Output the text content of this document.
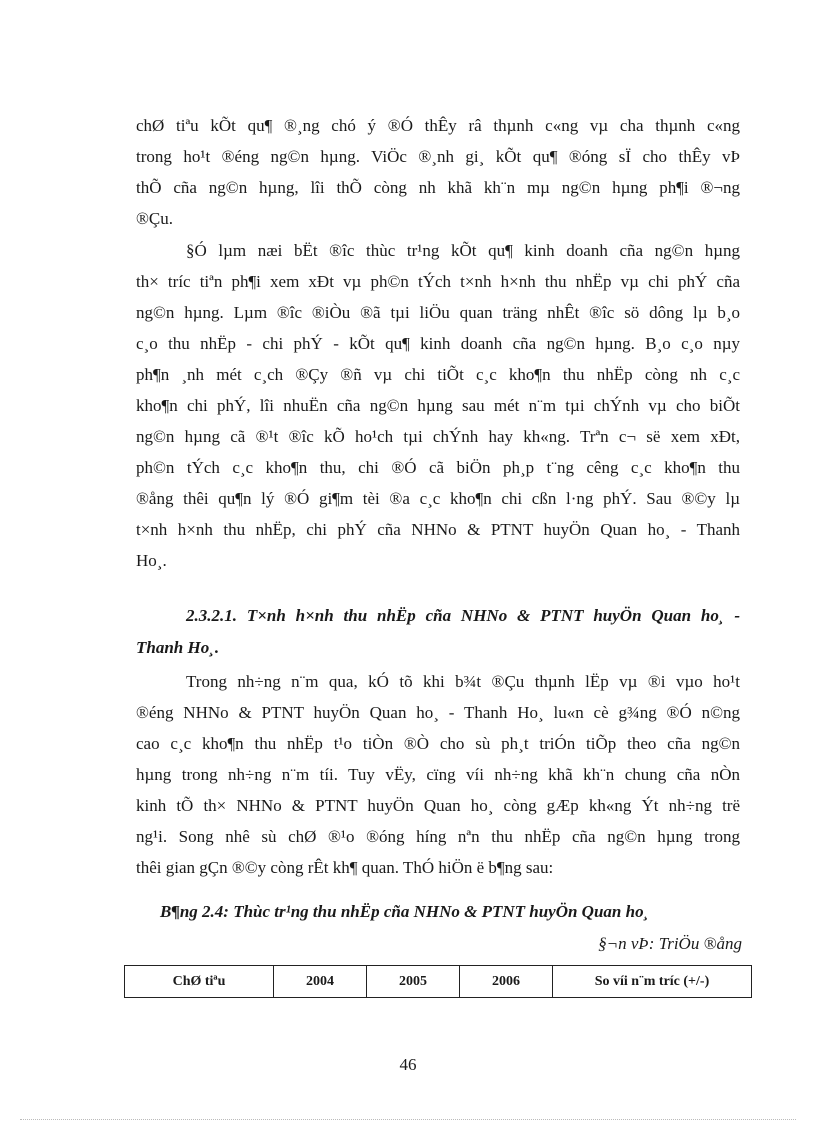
chØ tiªu kÕt qu¶ ®¸ng chó ý ®Ó thÊy râ thµnh c«ng vµ cha thµnh c«ng
trong ho¹t ®éng ng©n hµng. ViÖc ®¸nh gi¸ kÕt qu¶ ®óng sÏ cho thÊy vÞ
thÕ cña ng©n hµng, lîi thÕ còng nh khã kh¨n mµ ng©n hµng ph¶i ®¬ng
®Çu.
§Ó lµm næi bËt ®îc thùc tr¹ng kÕt qu¶ kinh doanh cña ng©n hµng
th× tríc tiªn ph¶i xem xÐt vµ ph©n tÝch t×nh h×nh thu nhËp vµ chi phÝ cña
ng©n hµng. Lµm ®îc ®iÒu ®ã tµi liÖu quan träng nhÊt ®îc sö dông lµ b¸o
c¸o thu nhËp - chi phÝ - kÕt qu¶ kinh doanh cña ng©n hµng. B¸o c¸o nµy
ph¶n ¸nh mét c¸ch ®Çy ®ñ vµ chi tiÕt c¸c kho¶n thu nhËp còng nh c¸c
kho¶n chi phÝ, lîi nhuËn cña ng©n hµng sau mét n¨m tµi chÝnh vµ cho biÕt
ng©n hµng cã ®¹t ®îc kÕ ho¹ch tµi chÝnh hay kh«ng. Trªn c¬ së xem xÐt,
ph©n tÝch c¸c kho¶n thu, chi ®Ó cã biÖn ph¸p t¨ng cêng c¸c kho¶n thu
®ång thêi qu¶n lý ®Ó gi¶m tèi ®a c¸c kho¶n chi cßn l·ng phÝ. Sau ®©y lµ
t×nh h×nh thu nhËp, chi phÝ cña NHNo & PTNT huyÖn Quan ho¸ - Thanh
Ho¸.
2.3.2.1. T×nh h×nh thu nhËp cña NHNo & PTNT huyÖn Quan ho¸ -
Thanh Ho¸.
Trong nh÷ng n¨m qua, kÓ tõ khi b¾t ®Çu thµnh lËp vµ ®i vµo ho¹t
®éng NHNo & PTNT huyÖn Quan ho¸ - Thanh Ho¸ lu«n cè g¾ng ®Ó n©ng
cao c¸c kho¶n thu nhËp t¹o tiÒn ®Ò cho sù ph¸t triÓn tiÕp theo cña ng©n
hµng trong nh÷ng n¨m tíi. Tuy vËy, cïng víi nh÷ng khã kh¨n chung cña nÒn
kinh tÕ th× NHNo & PTNT huyÖn Quan ho¸ còng gÆp kh«ng Ýt nh÷ng trë
ng¹i. Song nhê sù chØ ®¹o ®óng híng nªn thu nhËp cña ng©n hµng trong
thêi gian gÇn ®©y còng rÊt kh¶ quan. ThÓ hiÖn ë b¶ng sau:
B¶ng 2.4: Thùc tr¹ng thu nhËp cña NHNo & PTNT huyÖn Quan ho¸
§¬n vÞ: TriÖu ®ång
ChØ tiªu	2004	2005	2006	So víi n¨m tríc (+/-)
46
